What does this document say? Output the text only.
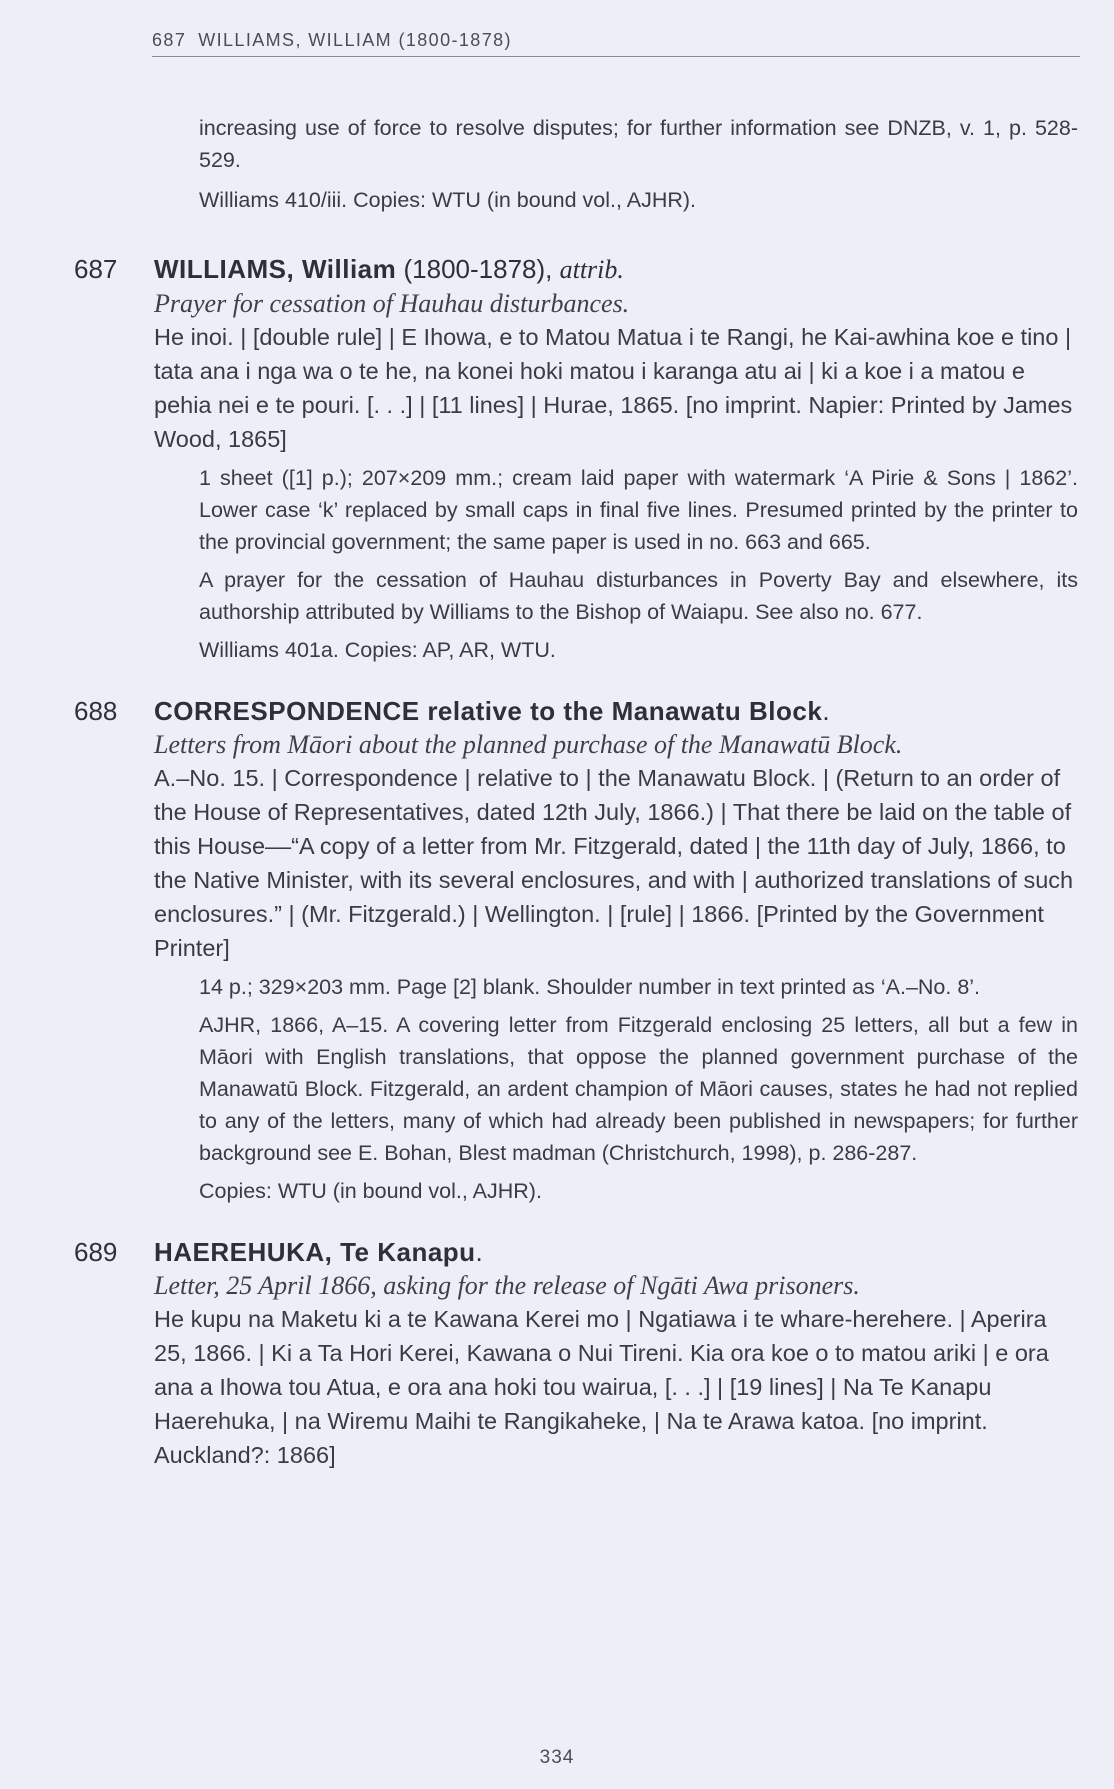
687 WILLIAMS, WILLIAM (1800-1878)
increasing use of force to resolve disputes; for further information see DNZB, v. 1, p. 528-529.
Williams 410/iii. Copies: WTU (in bound vol., AJHR).
687 WILLIAMS, William (1800-1878), attrib.
Prayer for cessation of Hauhau disturbances.
He inoi. | [double rule] | E Ihowa, e to Matou Matua i te Rangi, he Kai-awhina koe e tino | tata ana i nga wa o te he, na konei hoki matou i karanga atu ai | ki a koe i a matou e pehia nei e te pouri. [. . .] | [11 lines] | Hurae, 1865. [no imprint. Napier: Printed by James Wood, 1865]
1 sheet ([1] p.); 207×209 mm.; cream laid paper with watermark ‘A Pirie & Sons | 1862’. Lower case ‘k’ replaced by small caps in final five lines. Presumed printed by the printer to the provincial government; the same paper is used in no. 663 and 665.
A prayer for the cessation of Hauhau disturbances in Poverty Bay and elsewhere, its authorship attributed by Williams to the Bishop of Waiapu. See also no. 677.
Williams 401a. Copies: AP, AR, WTU.
688 CORRESPONDENCE relative to the Manawatu Block.
Letters from Māori about the planned purchase of the Manawatū Block.
A.–No. 15. | Correspondence | relative to | the Manawatu Block. | (Return to an order of the House of Representatives, dated 12th July, 1866.) | That there be laid on the table of this House––“A copy of a letter from Mr. Fitzgerald, dated | the 11th day of July, 1866, to the Native Minister, with its several enclosures, and with | authorized translations of such enclosures.” | (Mr. Fitzgerald.) | Wellington. | [rule] | 1866. [Printed by the Government Printer]
14 p.; 329×203 mm. Page [2] blank. Shoulder number in text printed as ‘A.–No. 8’.
AJHR, 1866, A–15. A covering letter from Fitzgerald enclosing 25 letters, all but a few in Māori with English translations, that oppose the planned government purchase of the Manawatū Block. Fitzgerald, an ardent champion of Māori causes, states he had not replied to any of the letters, many of which had already been published in newspapers; for further background see E. Bohan, Blest madman (Christchurch, 1998), p. 286-287.
Copies: WTU (in bound vol., AJHR).
689 HAEREHUKA, Te Kanapu.
Letter, 25 April 1866, asking for the release of Ngāti Awa prisoners.
He kupu na Maketu ki a te Kawana Kerei mo | Ngatiawa i te whare-herehere. | Aperira 25, 1866. | Ki a Ta Hori Kerei, Kawana o Nui Tireni. Kia ora koe o to matou ariki | e ora ana a Ihowa tou Atua, e ora ana hoki tou wairua, [. . .] | [19 lines] | Na Te Kanapu Haerehuka, | na Wiremu Maihi te Rangikaheke, | Na te Arawa katoa. [no imprint. Auckland?: 1866]
334
